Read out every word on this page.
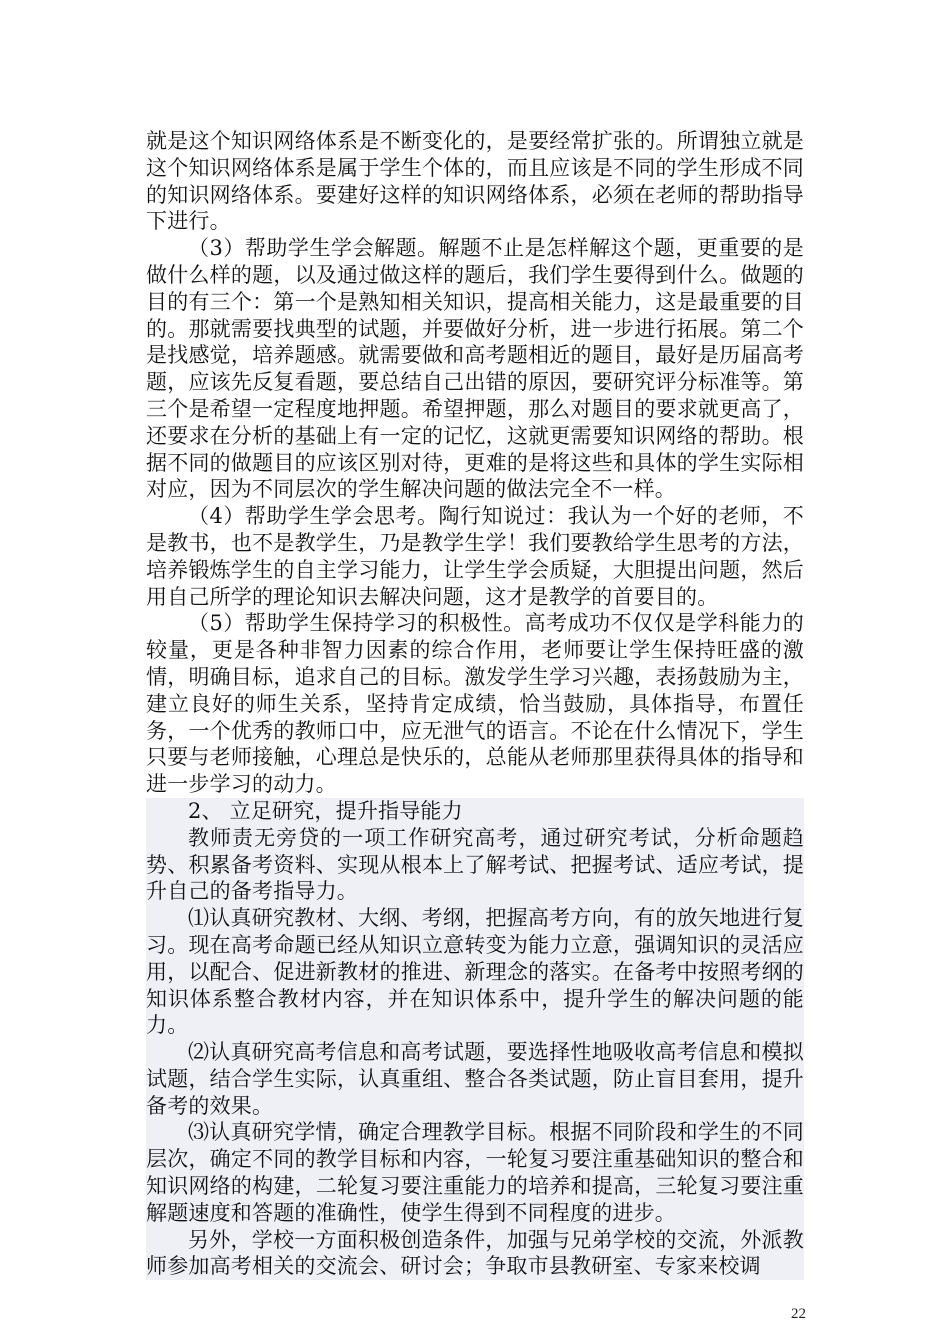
就是这个知识网络体系是不断变化的，是要经常扩张的。所谓独立就是这个知识网络体系是属于学生个体的，而且应该是不同的学生形成不同的知识网络体系。要建好这样的知识网络体系，必须在老师的帮助指导下进行。

（3）帮助学生学会解题。解题不止是怎样解这个题，更重要的是做什么样的题，以及通过做这样的题后，我们学生要得到什么。做题的目的有三个：第一个是熟知相关知识，提高相关能力，这是最重要的目的。那就需要找典型的试题，并要做好分析，进一步进行拓展。第二个是找感觉，培养题感。就需要做和高考题相近的题目，最好是历届高考题，应该先反复看题，要总结自己出错的原因，要研究评分标准等。第三个是希望一定程度地押题。希望押题，那么对题目的要求就更高了，还要求在分析的基础上有一定的记忆，这就更需要知识网络的帮助。根据不同的做题目的应该区别对待，更难的是将这些和具体的学生实际相对应，因为不同层次的学生解决问题的做法完全不一样。

（4）帮助学生学会思考。陶行知说过：我认为一个好的老师，不是教书，也不是教学生，乃是教学生学！我们要教给学生思考的方法，培养锻炼学生的自主学习能力，让学生学会质疑，大胆提出问题，然后用自己所学的理论知识去解决问题，这才是教学的首要目的。

（5）帮助学生保持学习的积极性。高考成功不仅仅是学科能力的较量，更是各种非智力因素的综合作用，老师要让学生保持旺盛的激情，明确目标，追求自己的目标。激发学生学习兴趣，表扬鼓励为主，建立良好的师生关系，坚持肯定成绩，恰当鼓励，具体指导，布置任务，一个优秀的教师口中，应无泄气的语言。不论在什么情况下，学生只要与老师接触，心理总是快乐的，总能从老师那里获得具体的指导和进一步学习的动力。

2、 立足研究，提升指导能力

教师责无旁贷的一项工作研究高考，通过研究考试，分析命题趋势、积累备考资料、实现从根本上了解考试、把握考试、适应考试，提升自己的备考指导力。

⑴认真研究教材、大纲、考纲，把握高考方向，有的放矢地进行复习。现在高考命题已经从知识立意转变为能力立意，强调知识的灵活应用，以配合、促进新教材的推进、新理念的落实。在备考中按照考纲的知识体系整合教材内容，并在知识体系中，提升学生的解决问题的能力。

⑵认真研究高考信息和高考试题，要选择性地吸收高考信息和模拟试题，结合学生实际，认真重组、整合各类试题，防止盲目套用，提升备考的效果。

⑶认真研究学情，确定合理教学目标。根据不同阶段和学生的不同层次，确定不同的教学目标和内容，一轮复习要注重基础知识的整合和知识网络的构建，二轮复习要注重能力的培养和提高，三轮复习要注重解题速度和答题的准确性，使学生得到不同程度的进步。

另外，学校一方面积极创造条件，加强与兄弟学校的交流，外派教师参加高考相关的交流会、研讨会；争取市县教研室、专家来校调

22
